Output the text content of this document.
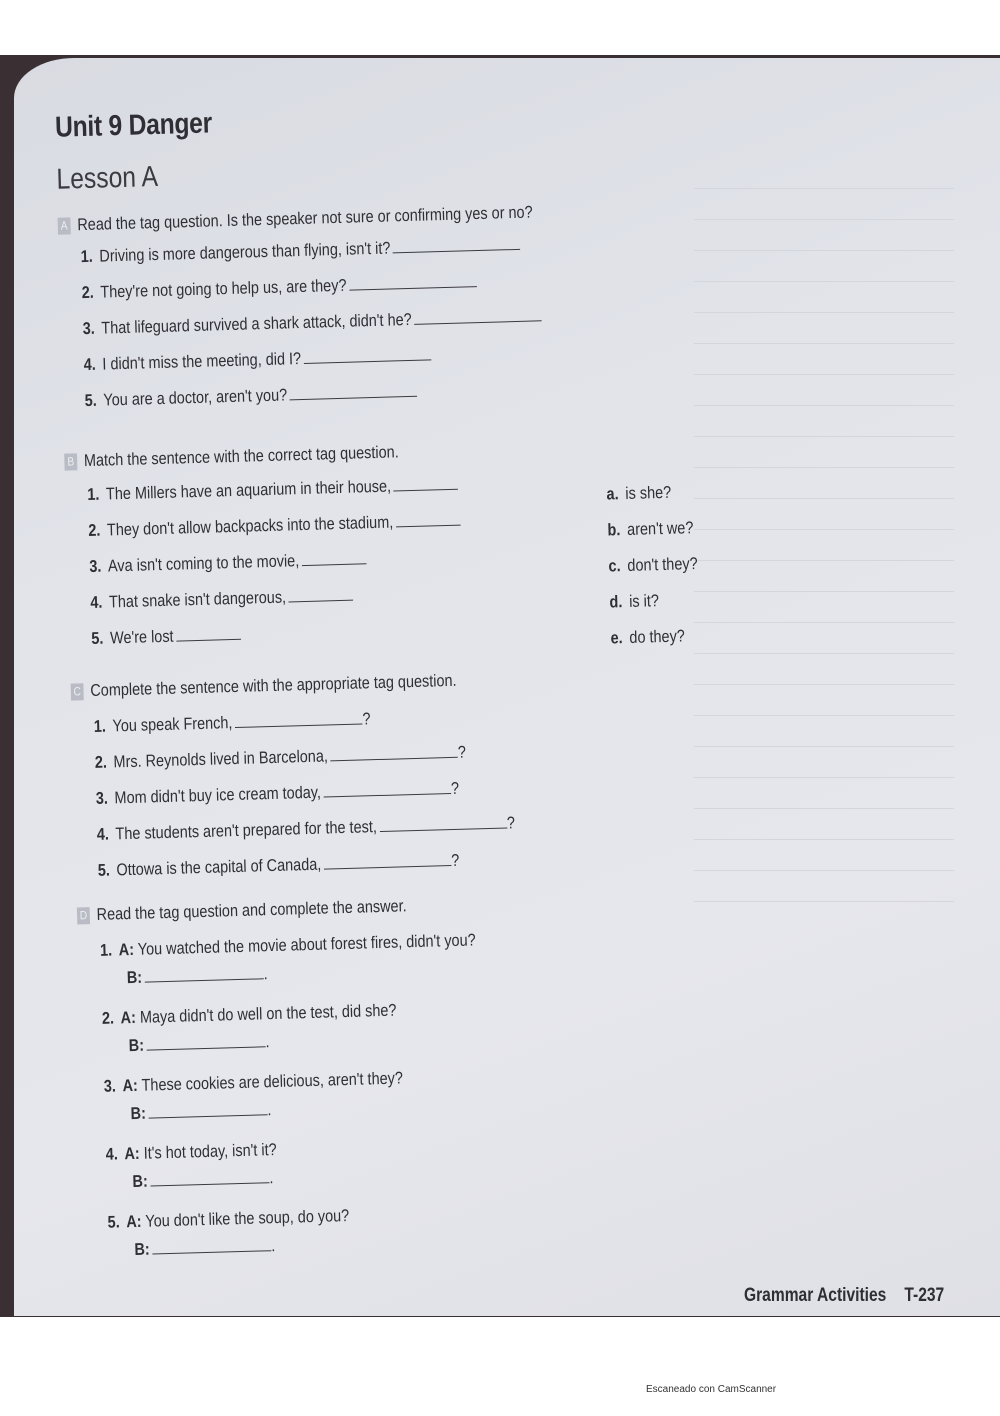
Unit 9 Danger
Lesson A
A Read the tag question. Is the speaker not sure or confirming yes or no?
1. Driving is more dangerous than flying, isn't it?
2. They're not going to help us, are they?
3. That lifeguard survived a shark attack, didn't he?
4. I didn't miss the meeting, did I?
5. You are a doctor, aren't you?
B Match the sentence with the correct tag question.
1. The Millers have an aquarium in their house,
2. They don't allow backpacks into the stadium,
3. Ava isn't coming to the movie,
4. That snake isn't dangerous,
5. We're lost
a. is she?
b. aren't we?
c. don't they?
d. is it?
e. do they?
C Complete the sentence with the appropriate tag question.
1. You speak French,	?
2. Mrs. Reynolds lived in Barcelona,	?
3. Mom didn't buy ice cream today,	?
4. The students aren't prepared for the test,	?
5. Ottowa is the capital of Canada,	?
D Read the tag question and complete the answer.
1. A: You watched the movie about forest fires, didn't you?
B:	.
2. A: Maya didn't do well on the test, did she?
B:	.
3. A: These cookies are delicious, aren't they?
B:	.
4. A: It's hot today, isn't it?
B:	.
5. A: You don't like the soup, do you?
B:	.
Grammar Activities T-237
Escaneado con CamScanner
